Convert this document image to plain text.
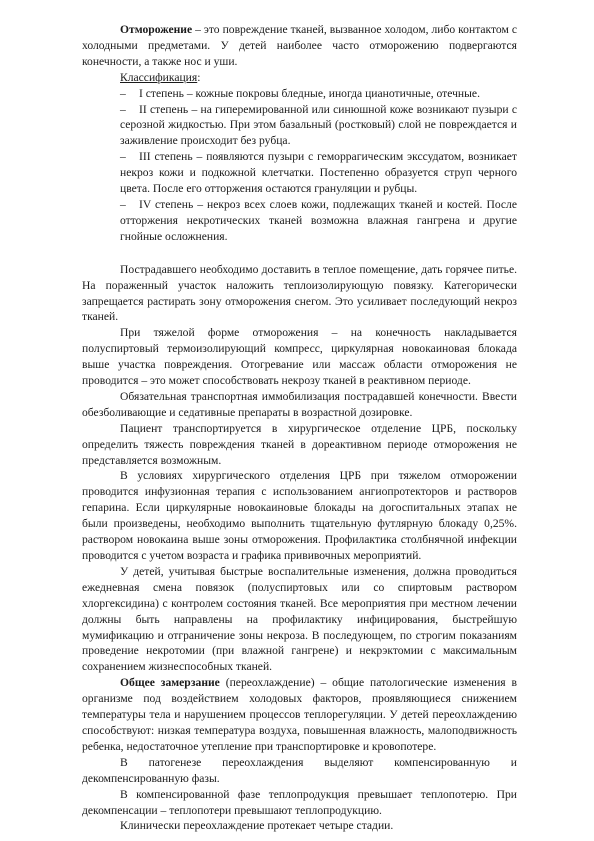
Отморожение – это повреждение тканей, вызванное холодом, либо контактом с холодными предметами. У детей наиболее часто отморожению подвергаются конечности, а также нос и уши.

Классификация:

– I степень – кожные покровы бледные, иногда цианотичные, отечные.

– II степень – на гиперемированной или синюшной коже возникают пузыри с серозной жидкостью. При этом базальный (ростковый) слой не повреждается и заживление происходит без рубца.

– III степень – появляются пузыри с геморрагическим экссудатом, возникает некроз кожи и подкожной клетчатки. Постепенно образуется струп черного цвета. После его отторжения остаются грануляции и рубцы.

– IV степень – некроз всех слоев кожи, подлежащих тканей и костей. После отторжения некротических тканей возможна влажная гангрена и другие гнойные осложнения.

Пострадавшего необходимо доставить в теплое помещение, дать горячее питье. На пораженный участок наложить теплоизолирующую повязку. Категорически запрещается растирать зону отморожения снегом. Это усиливает последующий некроз тканей.

При тяжелой форме отморожения – на конечность накладывается полуспиртовый термоизолирующий компресс, циркулярная новокаиновая блокада выше участка повреждения. Отогревание или массаж области отморожения не проводится – это может способствовать некрозу тканей в реактивном периоде.

Обязательная транспортная иммобилизация пострадавшей конечности. Ввести обезболивающие и седативные препараты в возрастной дозировке.

Пациент транспортируется в хирургическое отделение ЦРБ, поскольку определить тяжесть повреждения тканей в дореактивном периоде отморожения не представляется возможным.

В условиях хирургического отделения ЦРБ при тяжелом отморожении проводится инфузионная терапия с использованием ангиопротекторов и растворов гепарина. Если циркулярные новокаиновые блокады на догоспитальных этапах не были произведены, необходимо выполнить тщательную футлярную блокаду 0,25%. раствором новокаина выше зоны отморожения. Профилактика столбнячной инфекции проводится с учетом возраста и графика прививочных мероприятий.

У детей, учитывая быстрые воспалительные изменения, должна проводиться ежедневная смена повязок (полуспиртовых или со спиртовым раствором хлоргексидина) с контролем состояния тканей. Все мероприятия при местном лечении должны быть направлены на профилактику инфицирования, быстрейшую мумификацию и отграничение зоны некроза. В последующем, по строгим показаниям проведение некротомии (при влажной гангрене) и некрэктомии с максимальным сохранением жизнеспособных тканей.

Общее замерзание (переохлаждение) – общие патологические изменения в организме под воздействием холодовых факторов, проявляющиеся снижением температуры тела и нарушением процессов теплорегуляции. У детей переохлаждению способствуют: низкая температура воздуха, повышенная влажность, малоподвижность ребенка, недостаточное утепление при транспортировке и кровопотере.

В патогенезе переохлаждения выделяют компенсированную и декомпенсированную фазы.

В компенсированной фазе теплопродукция превышает теплопотерю. При декомпенсации – теплопотери превышают теплопродукцию.

Клинически переохлаждение протекает четыре стадии.
